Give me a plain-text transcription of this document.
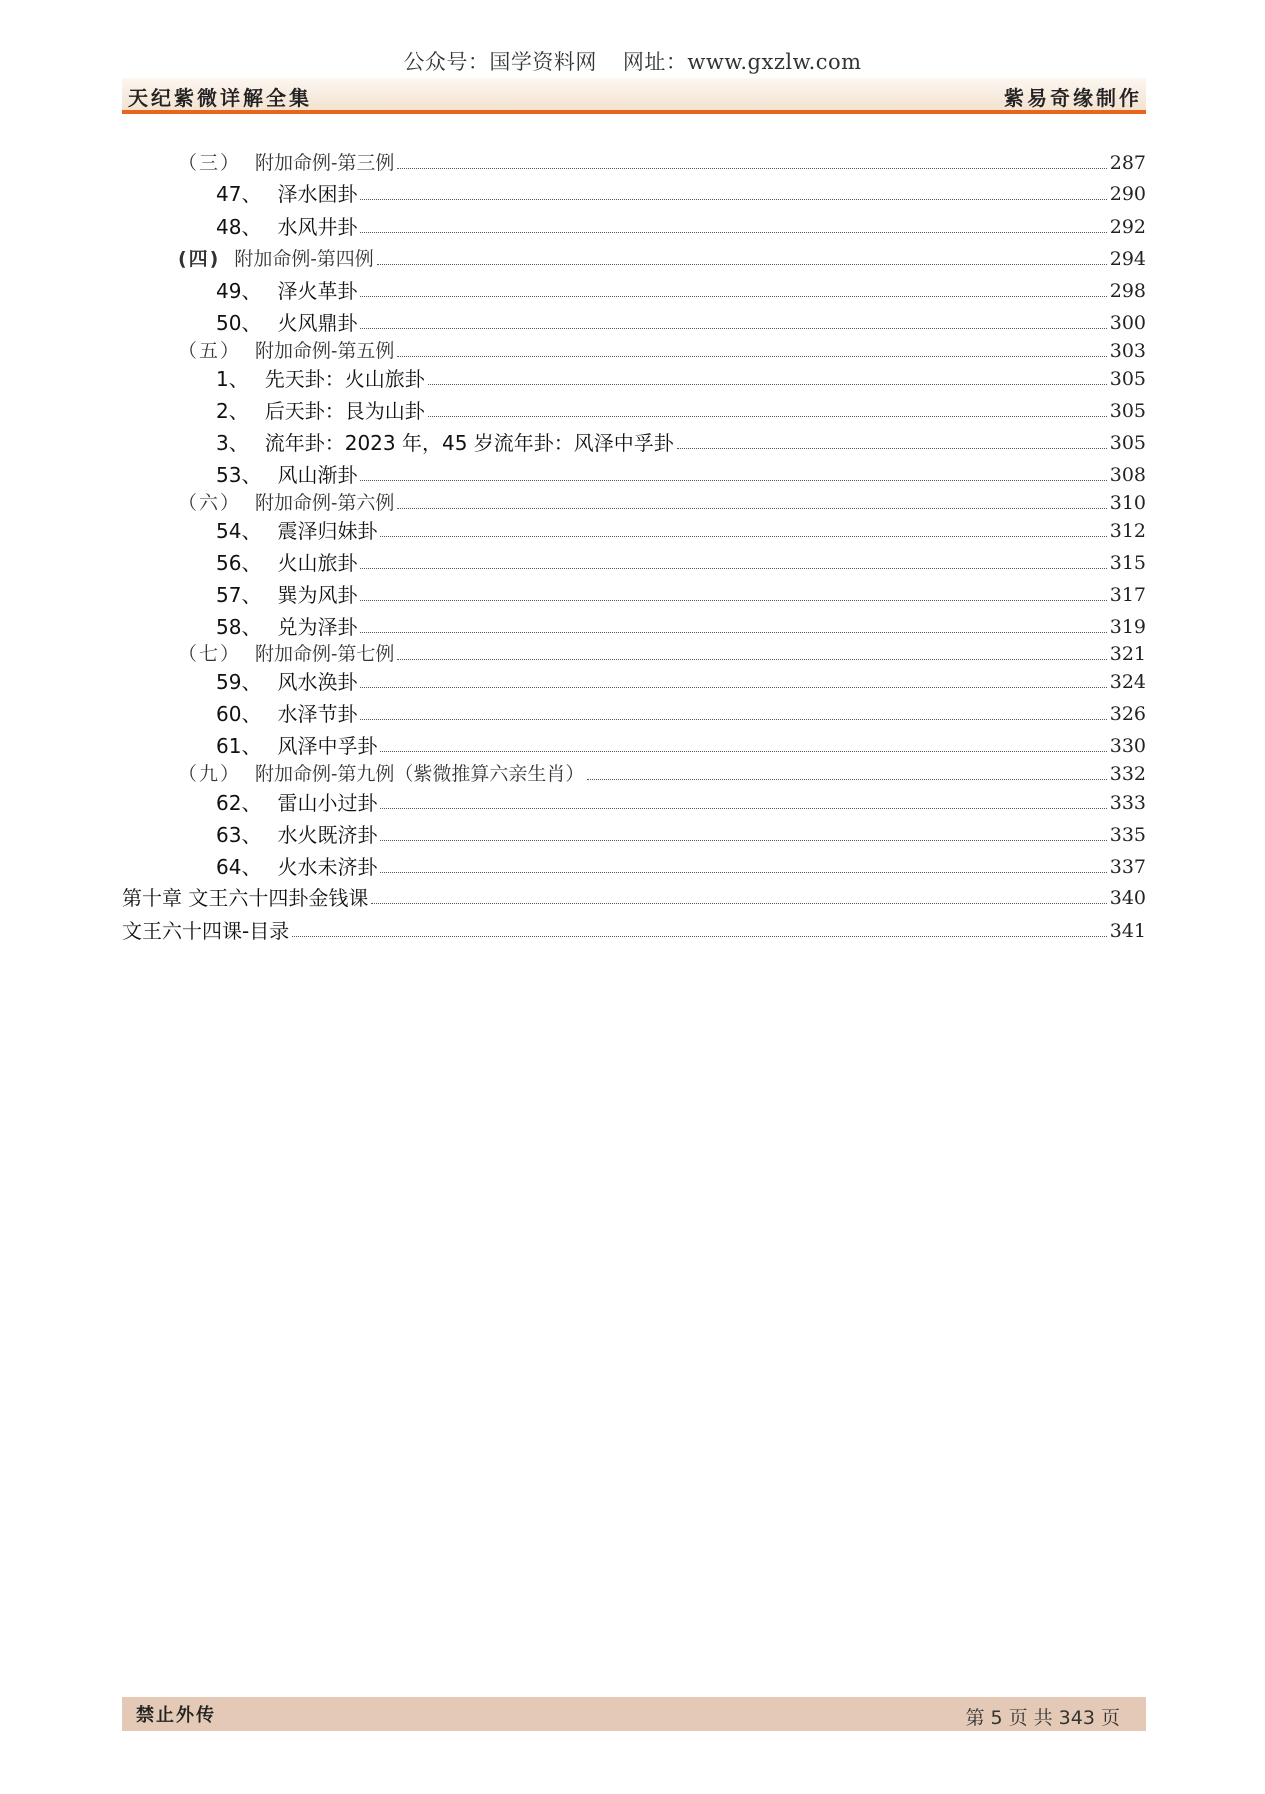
公众号：国学资料网 网址：www.gxzlw.com
天纪紫微详解全集	紫易奇缘制作
（三） 附加命例-第三例	287
47、 泽水困卦	290
48、 水风井卦	292
(四) 附加命例-第四例	294
49、 泽火革卦	298
50、 火风鼎卦	300
（五） 附加命例-第五例	303
1、 先天卦：火山旅卦	305
2、 后天卦：艮为山卦	305
3、 流年卦：2023 年，45 岁流年卦：风泽中孚卦	305
53、 风山渐卦	308
（六） 附加命例-第六例	310
54、 震泽归妹卦	312
56、 火山旅卦	315
57、 巽为风卦	317
58、 兑为泽卦	319
（七） 附加命例-第七例	321
59、 风水涣卦	324
60、 水泽节卦	326
61、 风泽中孚卦	330
（九） 附加命例-第九例（紫微推算六亲生肖）	332
62、 雷山小过卦	333
63、 水火既济卦	335
64、 火水未济卦	337
第十章 文王六十四卦金钱课	340
文王六十四课-目录	341
禁止外传	第 5 页 共 343 页
